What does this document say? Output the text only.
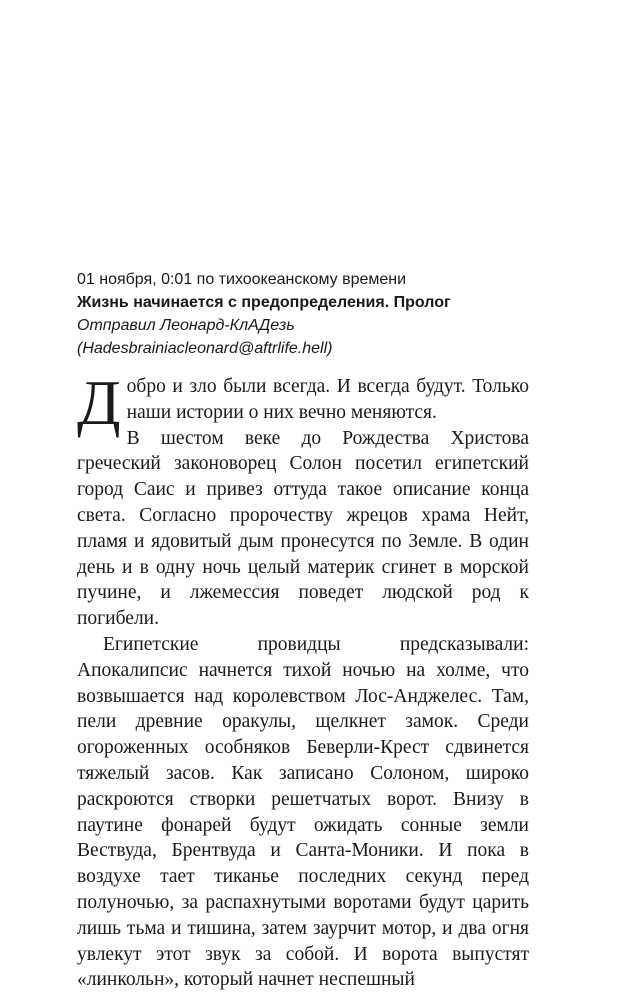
01 ноября, 0:01 по тихоокеанскому времени
Жизнь начинается с предопределения. Пролог
Отправил Леонард-КлАДезь
(Hadesbrainiacleonard@aftrlife.hell)

Добро и зло были всегда. И всегда будут. Только наши истории о них вечно меняются.

В шестом веке до Рождества Христова греческий законоворец Солон посетил египетский город Саис и привез оттуда такое описание конца света. Согласно пророчеству жрецов храма Нейт, пламя и ядовитый дым пронесутся по Земле. В один день и в одну ночь целый материк сгинет в морской пучине, и лжемессия поведет людской род к погибели.

Египетские провидцы предсказывали: Апокалипсис начнется тихой ночью на холме, что возвышается над королевством Лос-Анджелес. Там, пели древние оракулы, щелкнет замок. Среди огороженных особняков Беверли-Крест сдвинется тяжелый засов. Как записано Солоном, широко раскроются створки решетчатых ворот. Внизу в паутине фонарей будут ожидать сонные земли Вествуда, Брентвуда и Санта-Моники. И пока в воздухе тает тиканье последних секунд перед полуночью, за распахнутыми воротами будут царить лишь тьма и тишина, затем заурчит мотор, и два огня увлекут этот звук за собой. И ворота выпустят «линкольн», который начнет неспешный
